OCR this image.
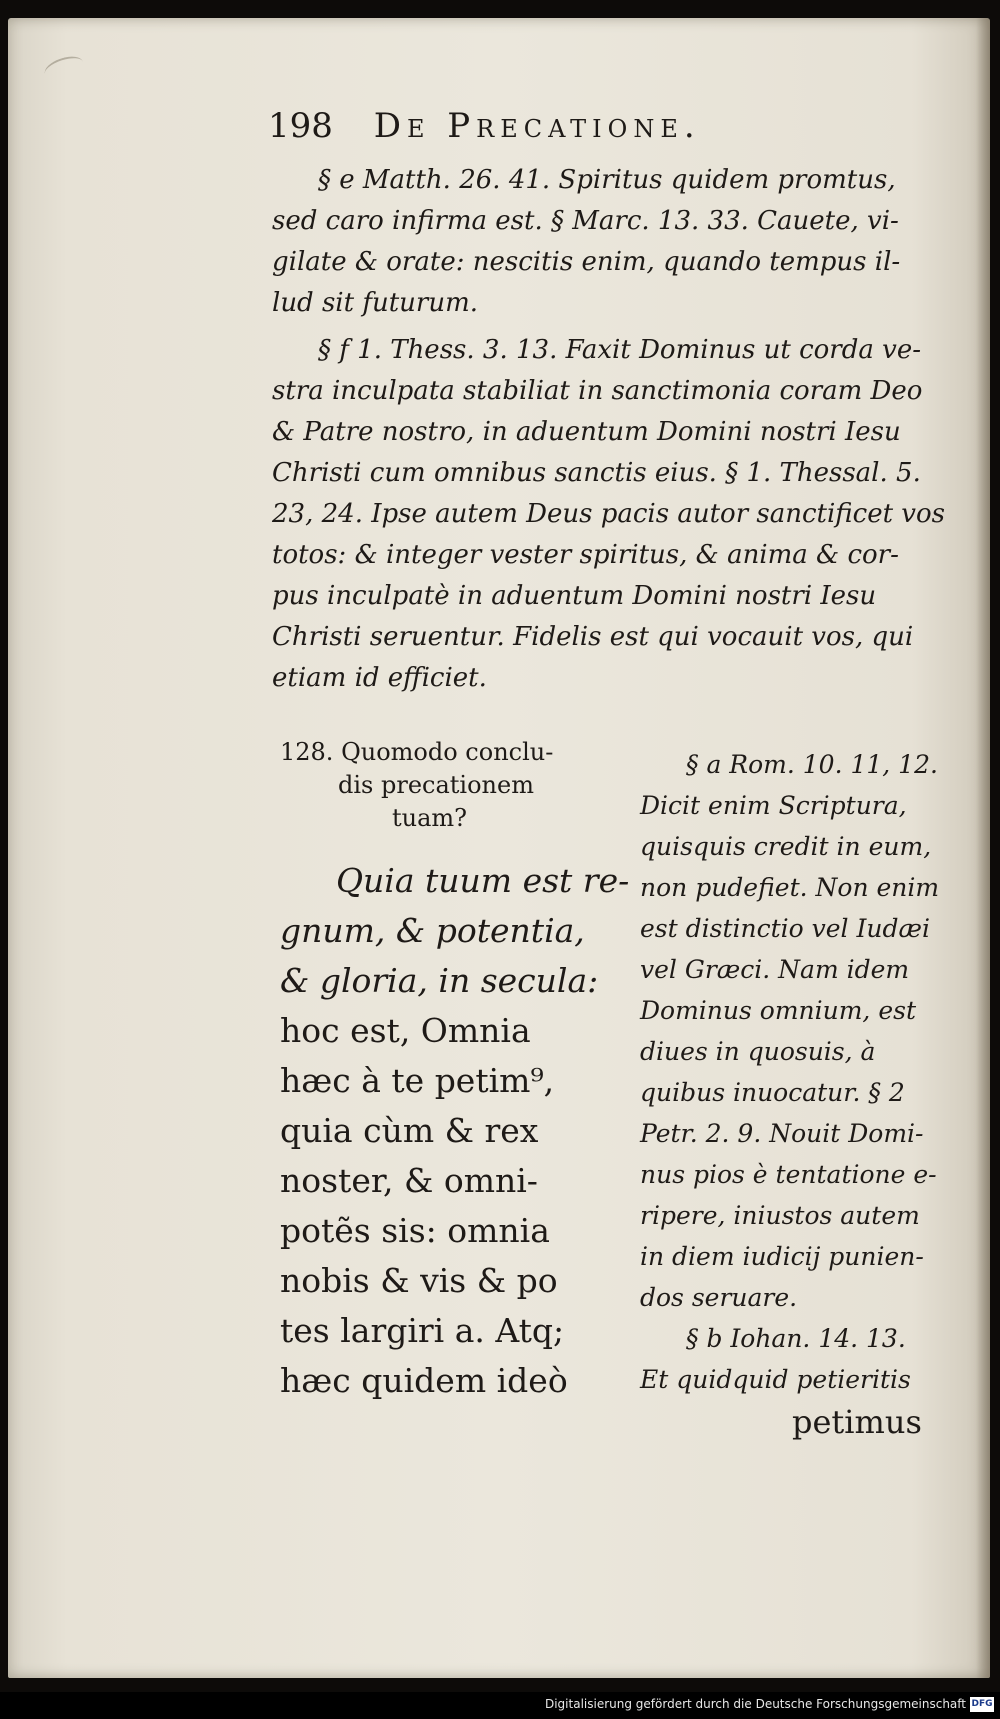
198 De Precatione.
§ e Matth. 26. 41. Spiritus quidem promtus,
sed caro infirma est. § Marc. 13. 33. Cauete, vi-
gilate & orate: nescitis enim, quando tempus il-
lud sit futurum.
§ f 1. Thess. 3. 13. Faxit Dominus ut corda ve-
stra inculpata stabiliat in sanctimonia coram Deo
& Patre nostro, in aduentum Domini nostri Iesu
Christi cum omnibus sanctis eius. § 1. Thessal. 5.
23, 24. Ipse autem Deus pacis autor sanctificet vos
totos: & integer vester spiritus, & anima & cor-
pus inculpatè in aduentum Domini nostri Iesu
Christi seruentur. Fidelis est qui vocauit vos, qui
etiam id efficiet.
128. Quomodo conclu-
dis precationem
tuam?
Quia tuum est re-
gnum, & potentia,
& gloria, in secula:
hoc est, Omnia
hæc à te petim⁹,
quia cùm & rex
noster, & omni-
potẽs sis: omnia
nobis & vis & po
tes largiri a. Atq;
hæc quidem ideò
§ a Rom. 10. 11, 12.
Dicit enim Scriptura,
quisquis credit in eum,
non pudefiet. Non enim
est distinctio vel Iudæi
vel Græci. Nam idem
Dominus omnium, est
diues in quosuis, à
quibus inuocatur. § 2
Petr. 2. 9. Nouit Domi-
nus pios è tentatione e-
ripere, iniustos autem
in diem iudicij punien-
dos seruare.
§ b Iohan. 14. 13.
Et quidquid petieritis
petimus
Digitalisierung gefördert durch die Deutsche Forschungsgemeinschaft DFG
